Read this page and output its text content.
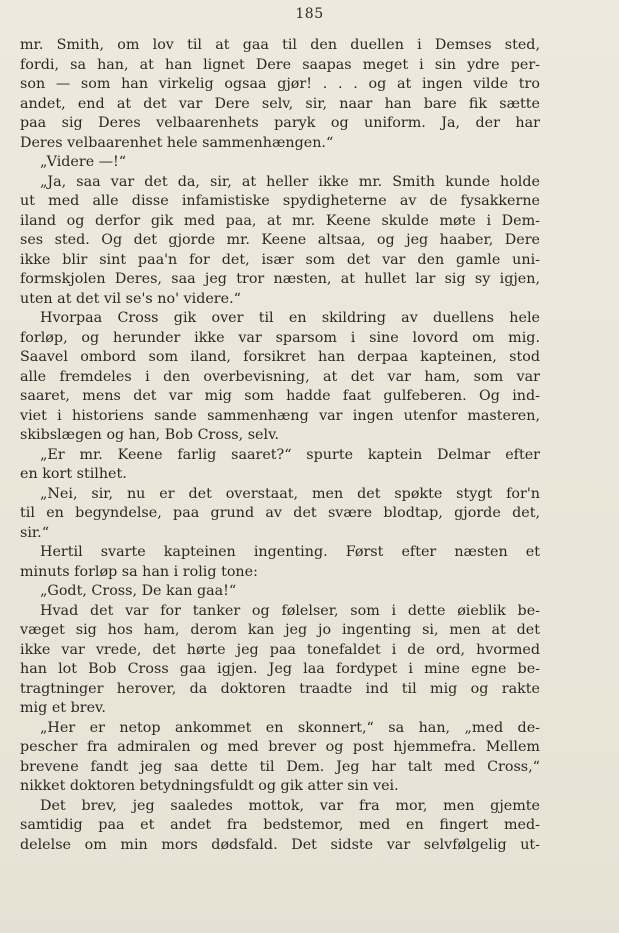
185
mr. Smith, om lov til at gaa til den duellen i Demses sted,
fordi, sa han, at han lignet Dere saapas meget i sin ydre per-
son — som han virkelig ogsaa gjør! . . . og at ingen vilde tro
andet, end at det var Dere selv, sir, naar han bare fik sætte
paa sig Deres velbaarenhets paryk og uniform. Ja, der har
Deres velbaarenhet hele sammenhængen.“
„Videre —!“
„Ja, saa var det da, sir, at heller ikke mr. Smith kunde holde
ut med alle disse infamistiske spydigheterne av de fysakkerne
iland og derfor gik med paa, at mr. Keene skulde møte i Dem-
ses sted. Og det gjorde mr. Keene altsaa, og jeg haaber, Dere
ikke blir sint paa'n for det, især som det var den gamle uni-
formskjolen Deres, saa jeg tror næsten, at hullet lar sig sy igjen,
uten at det vil se's no' videre.“
Hvorpaa Cross gik over til en skildring av duellens hele
forløp, og herunder ikke var sparsom i sine lovord om mig.
Saavel ombord som iland, forsikret han derpaa kapteinen, stod
alle fremdeles i den overbevisning, at det var ham, som var
saaret, mens det var mig som hadde faat gulfeberen. Og ind-
viet i historiens sande sammenhæng var ingen utenfor masteren,
skibslægen og han, Bob Cross, selv.
„Er mr. Keene farlig saaret?“ spurte kaptein Delmar efter
en kort stilhet.
„Nei, sir, nu er det overstaat, men det spøkte stygt for'n
til en begyndelse, paa grund av det svære blodtap, gjorde det,
sir.“
Hertil svarte kapteinen ingenting. Først efter næsten et
minuts forløp sa han i rolig tone:
„Godt, Cross, De kan gaa!“
Hvad det var for tanker og følelser, som i dette øieblik be-
væget sig hos ham, derom kan jeg jo ingenting si, men at det
ikke var vrede, det hørte jeg paa tonefaldet i de ord, hvormed
han lot Bob Cross gaa igjen. Jeg laa fordypet i mine egne be-
tragtninger herover, da doktoren traadte ind til mig og rakte
mig et brev.
„Her er netop ankommet en skonnert,“ sa han, „med de-
pescher fra admiralen og med brever og post hjemmefra. Mellem
brevene fandt jeg saa dette til Dem. Jeg har talt med Cross,“
nikket doktoren betydningsfuldt og gik atter sin vei.
Det brev, jeg saaledes mottok, var fra mor, men gjemte
samtidig paa et andet fra bedstemor, med en fingert med-
delelse om min mors dødsfald. Det sidste var selvfølgelig ut-
